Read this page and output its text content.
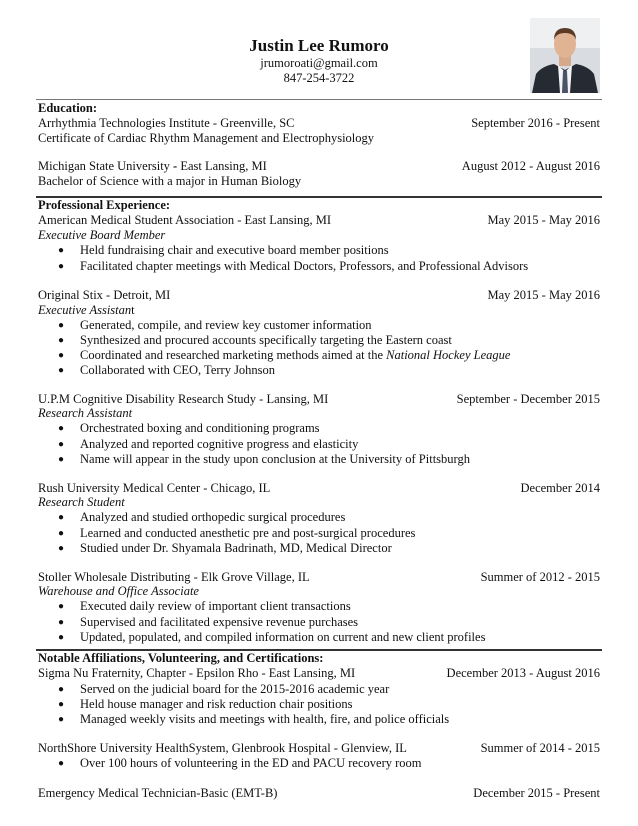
Justin Lee Rumoro
jrumoroati@gmail.com
847-254-3722
Education:
Arrhythmia Technologies Institute - Greenville, SC	September 2016 - Present
Certificate of Cardiac Rhythm Management and Electrophysiology
Michigan State University - East Lansing, MI	August 2012 - August 2016
Bachelor of Science with a major in Human Biology
Professional Experience:
American Medical Student Association - East Lansing, MI	May 2015 - May 2016
Executive Board Member
● Held fundraising chair and executive board member positions
● Facilitated chapter meetings with Medical Doctors, Professors, and Professional Advisors
Original Stix - Detroit, MI	May 2015 - May 2016
Executive Assistant
● Generated, compile, and review key customer information
● Synthesized and procured accounts specifically targeting the Eastern coast
● Coordinated and researched marketing methods aimed at the National Hockey League
● Collaborated with CEO, Terry Johnson
U.P.M Cognitive Disability Research Study - Lansing, MI	September - December 2015
Research Assistant
● Orchestrated boxing and conditioning programs
● Analyzed and reported cognitive progress and elasticity
● Name will appear in the study upon conclusion at the University of Pittsburgh
Rush University Medical Center - Chicago, IL	December 2014
Research Student
● Analyzed and studied orthopedic surgical procedures
● Learned and conducted anesthetic pre and post-surgical procedures
● Studied under Dr. Shyamala Badrinath, MD, Medical Director
Stoller Wholesale Distributing - Elk Grove Village, IL	Summer of 2012 - 2015
Warehouse and Office Associate
● Executed daily review of important client transactions
● Supervised and facilitated expensive revenue purchases
● Updated, populated, and compiled information on current and new client profiles
Notable Affiliations, Volunteering, and Certifications:
Sigma Nu Fraternity, Chapter - Epsilon Rho - East Lansing, MI	December 2013 - August 2016
● Served on the judicial board for the 2015-2016 academic year
● Held house manager and risk reduction chair positions
● Managed weekly visits and meetings with health, fire, and police officials
NorthShore University HealthSystem, Glenbrook Hospital - Glenview, IL	Summer of 2014 - 2015
● Over 100 hours of volunteering in the ED and PACU recovery room
Emergency Medical Technician-Basic (EMT-B)	December 2015 - Present
